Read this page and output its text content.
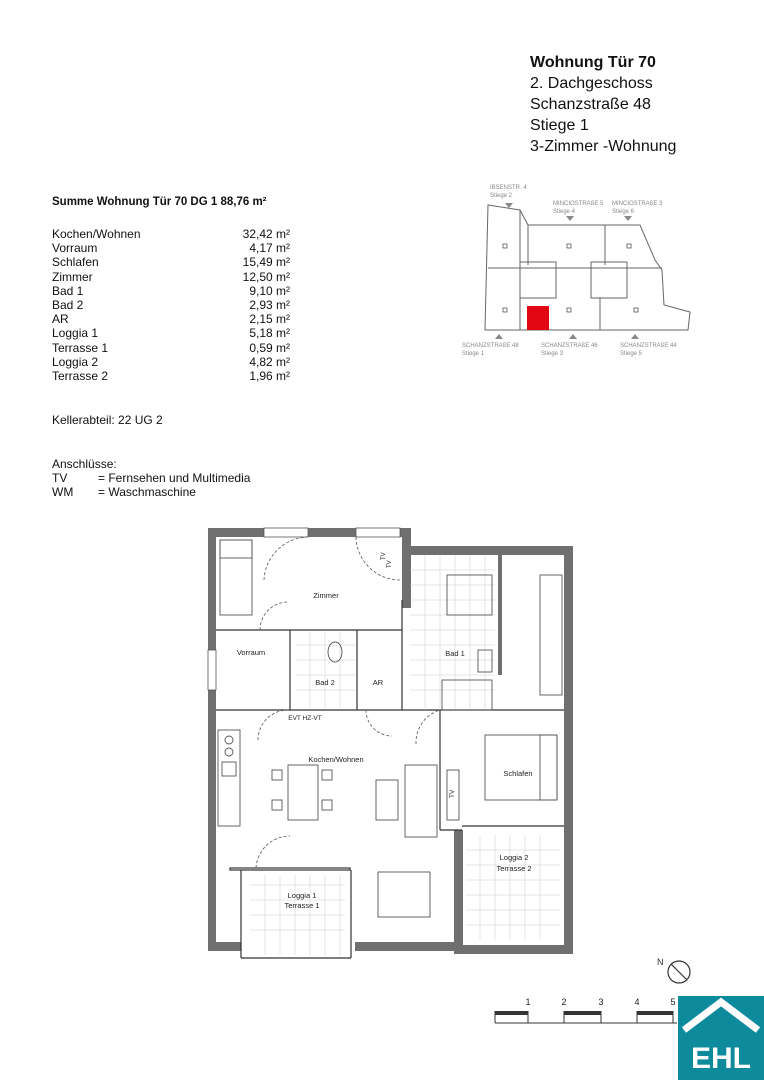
Wohnung Tür 70
2. Dachgeschoss
Schanzstraße 48
Stiege 1
3-Zimmer -Wohnung
Summe Wohnung Tür 70 DG 1 88,76 m²
Kochen/Wohnen	32,42 m²
Vorraum	4,17 m²
Schlafen	15,49 m²
Zimmer	12,50 m²
Bad 1	9,10 m²
Bad 2	2,93 m²
AR	2,15 m²
Loggia 1	5,18 m²
Terrasse 1	0,59 m²
Loggia 2	4,82 m²
Terrasse 2	1,96 m²
Kellerabteil: 22 UG 2
Anschlüsse:
TV	= Fernsehen und Multimedia
WM = Waschmaschine
IBSENSTR. 4
Stiege 2
MINCIOSTRAßE 5
Stiege 4
MINCIOSTRAßE 3
Stiege 6
SCHANZSTRAßE 48
Stiege 1
SCHANZSTRAßE 46
Stiege 3
SCHANZSTRAßE 44
Stiege 5
Zimmer
Vorraum
Bad 2	AR
Bad 1
Kochen/Wohnen
Schlafen
Loggia 1
Terrasse 1
Loggia 2
Terrasse 2
EVT HZ-VT
TV
TV
TV
N
1	2	3	4	5
EHL
